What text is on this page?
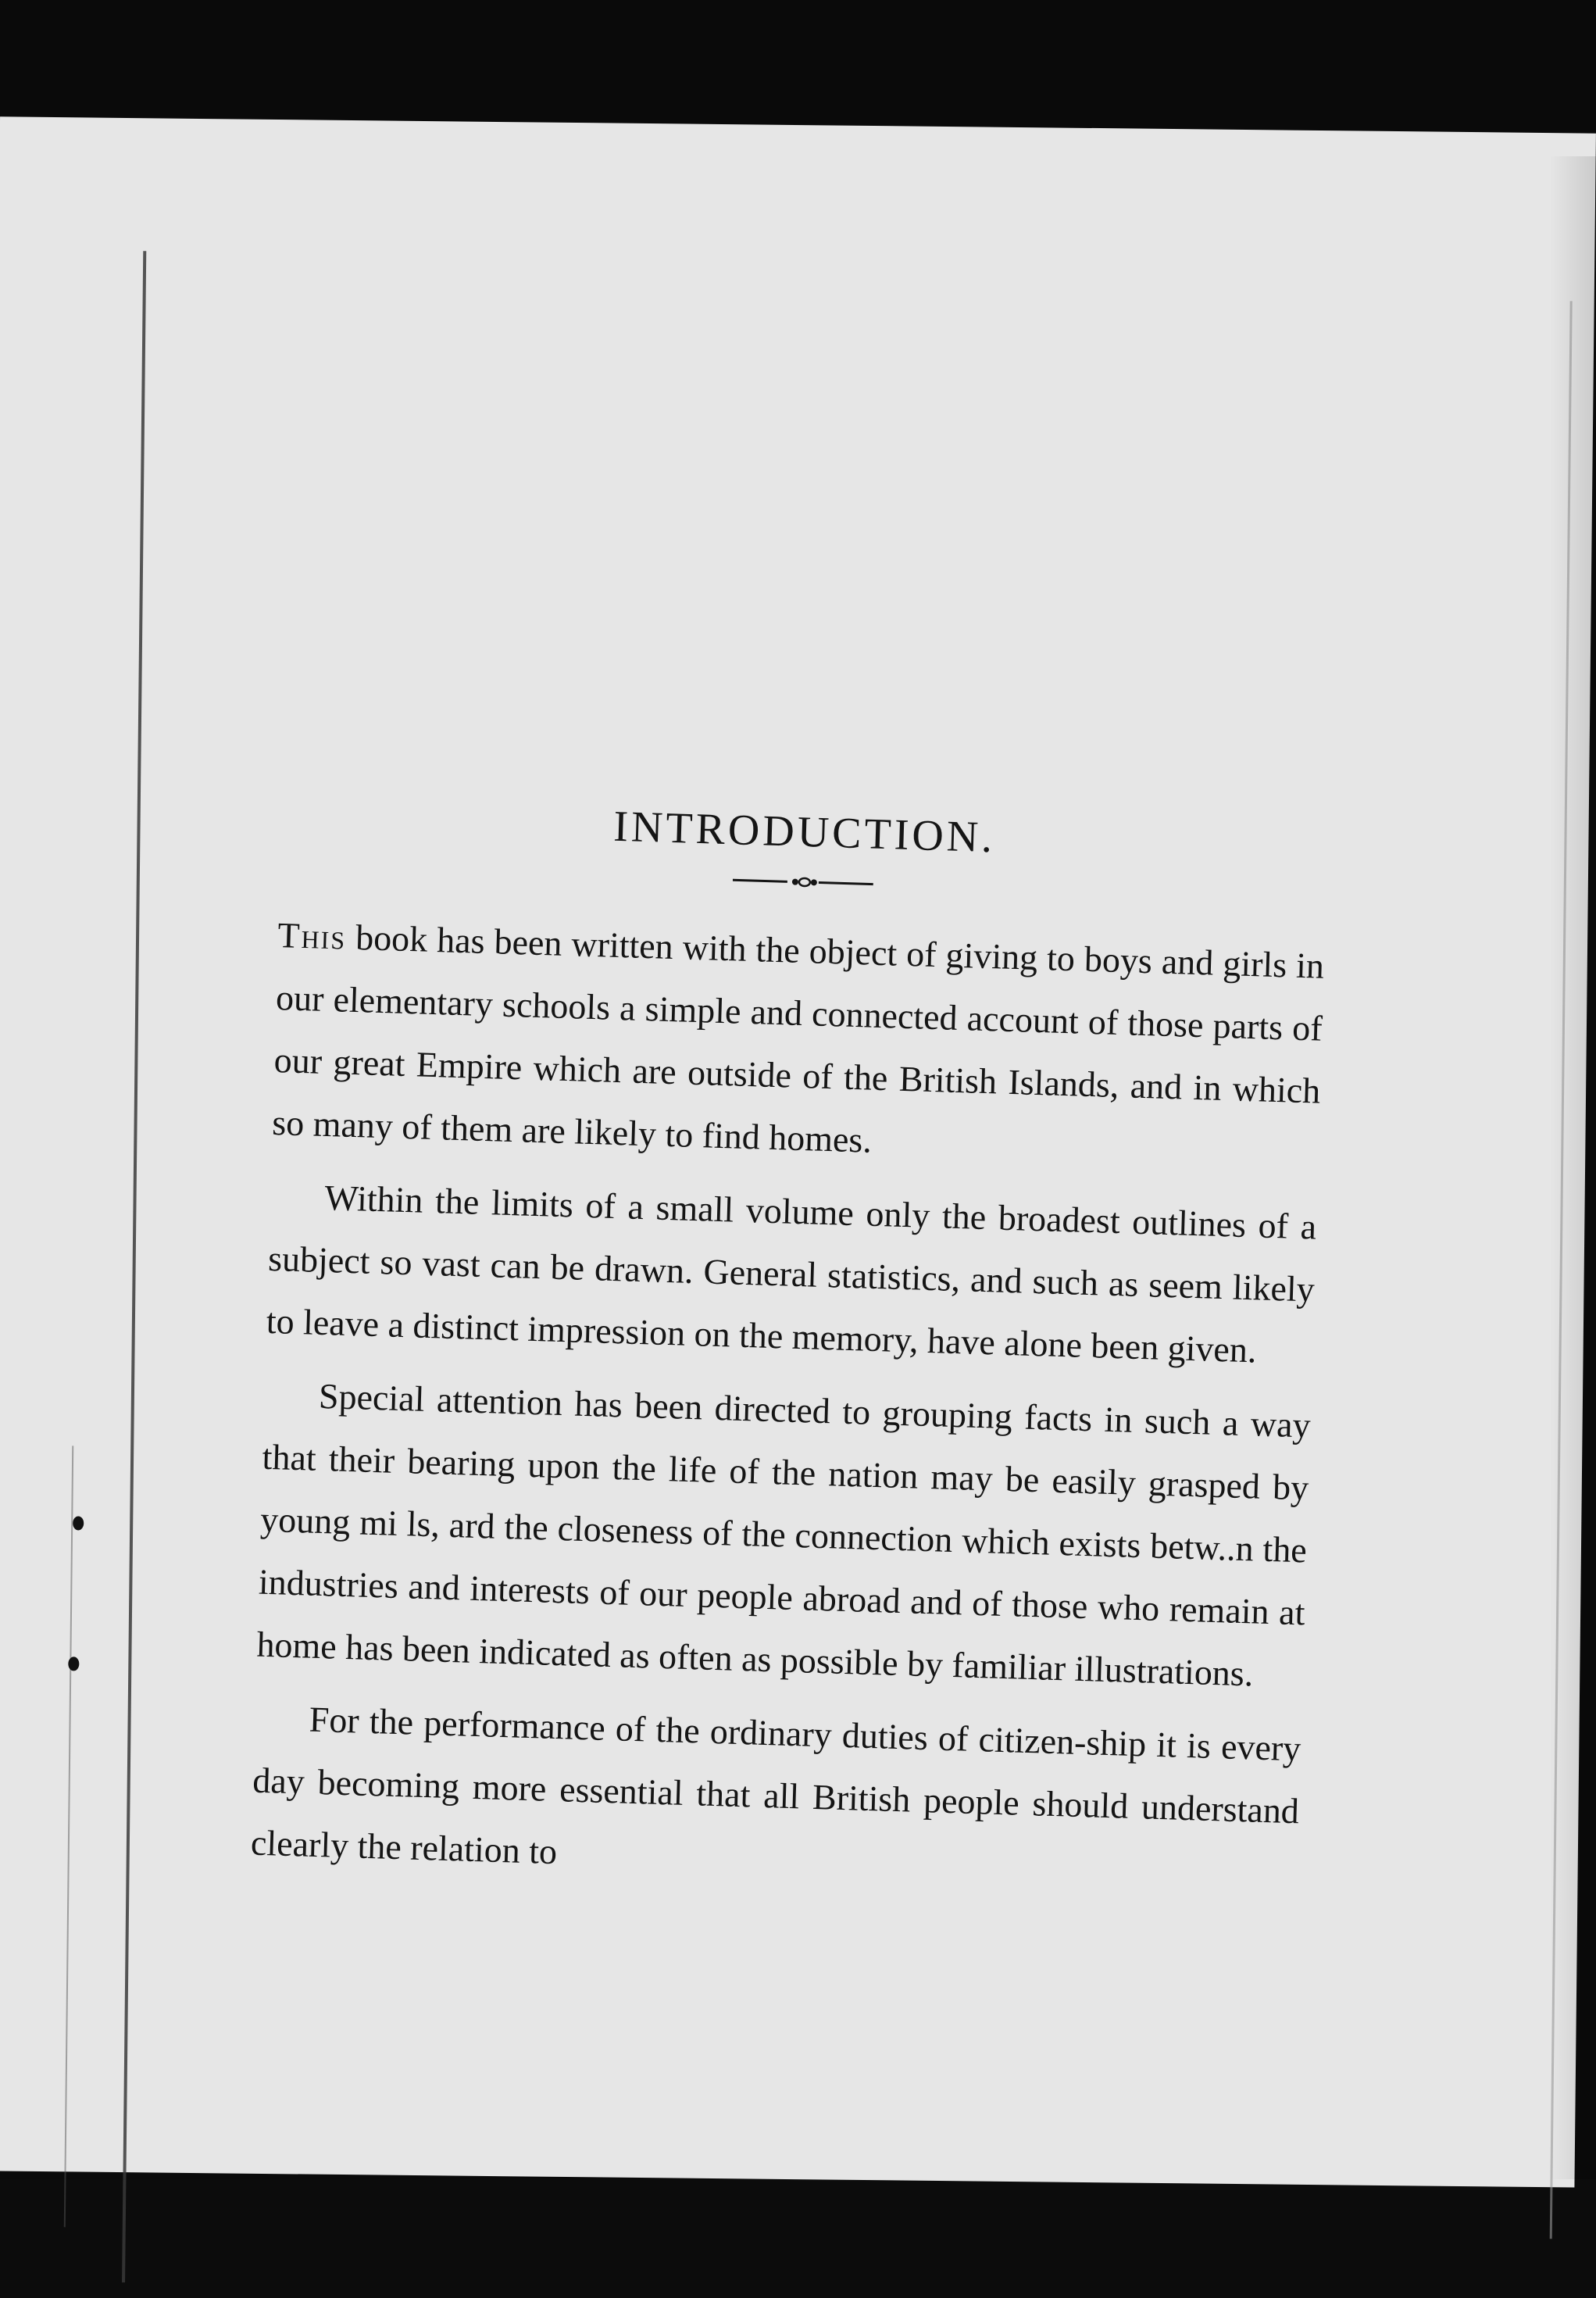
INTRODUCTION.

This book has been written with the object of giving to boys and girls in our elementary schools a simple and connected account of those parts of our great Empire which are outside of the British Islands, and in which so many of them are likely to find homes.

Within the limits of a small volume only the broadest outlines of a subject so vast can be drawn. General statistics, and such as seem likely to leave a distinct impression on the memory, have alone been given.

Special attention has been directed to grouping facts in such a way that their bearing upon the life of the nation may be easily grasped by young mi ls, ard the closeness of the connection which exists betw..n the industries and interests of our people abroad and of those who remain at home has been indicated as often as possible by familiar illustrations.

For the performance of the ordinary duties of citizen-ship it is every day becoming more essential that all British people should understand clearly the relation to
